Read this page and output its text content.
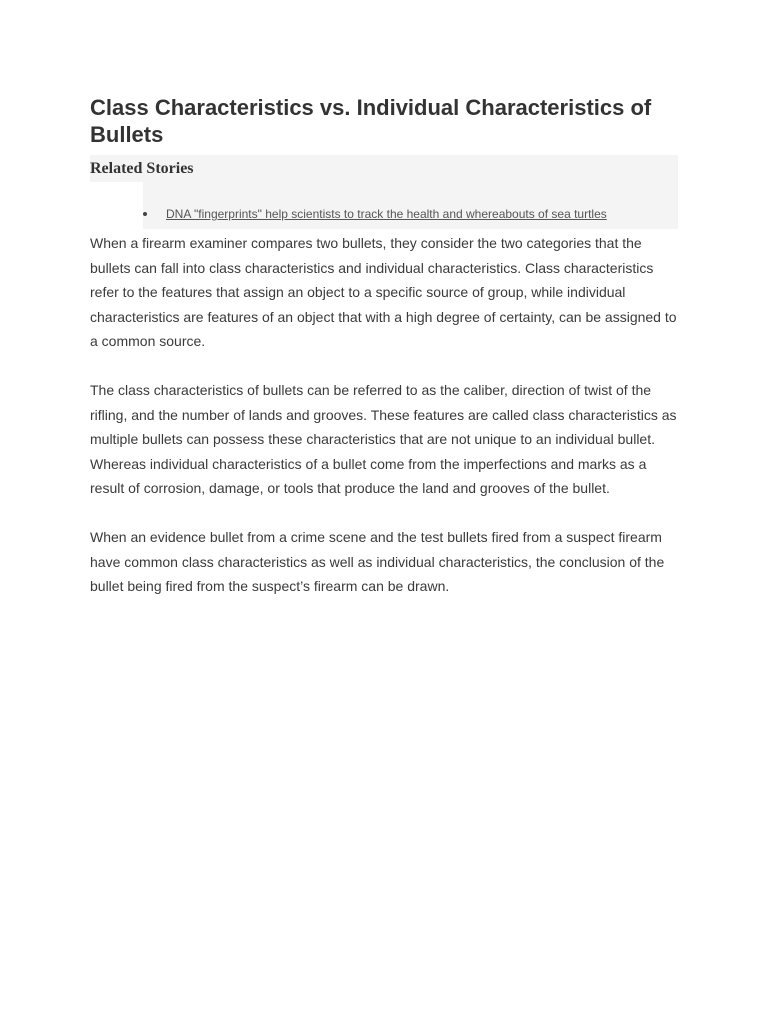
Class Characteristics vs. Individual Characteristics of Bullets
Related Stories
DNA "fingerprints" help scientists to track the health and whereabouts of sea turtles

When a firearm examiner compares two bullets, they consider the two categories that the bullets can fall into class characteristics and individual characteristics. Class characteristics refer to the features that assign an object to a specific source of group, while individual characteristics are features of an object that with a high degree of certainty, can be assigned to a common source.

The class characteristics of bullets can be referred to as the caliber, direction of twist of the rifling, and the number of lands and grooves. These features are called class characteristics as multiple bullets can possess these characteristics that are not unique to an individual bullet. Whereas individual characteristics of a bullet come from the imperfections and marks as a result of corrosion, damage, or tools that produce the land and grooves of the bullet.

When an evidence bullet from a crime scene and the test bullets fired from a suspect firearm have common class characteristics as well as individual characteristics, the conclusion of the bullet being fired from the suspect’s firearm can be drawn.
